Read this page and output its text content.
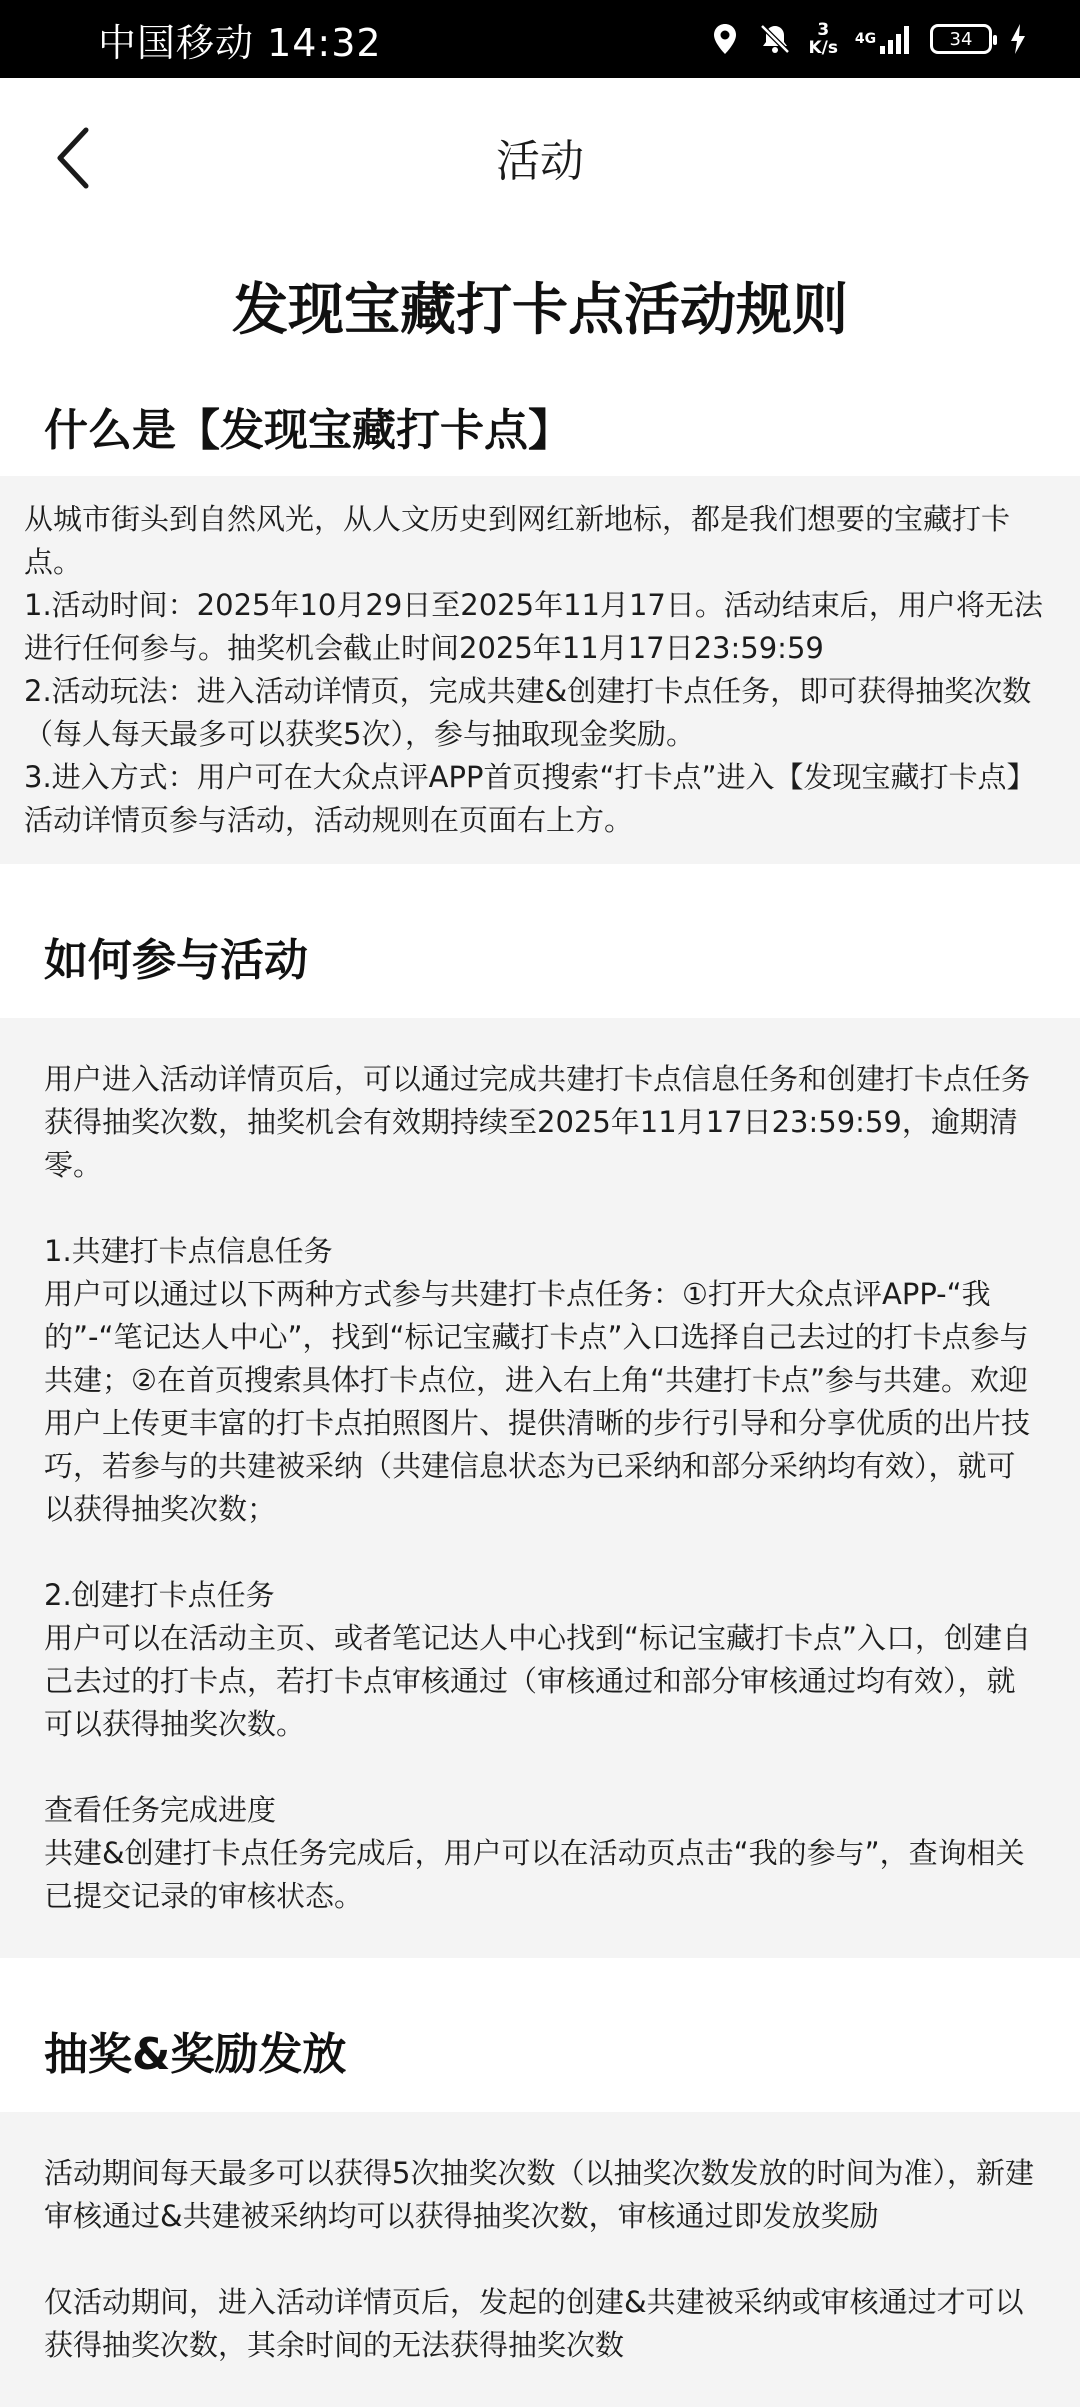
中国移动 14:32	3
K/s 4G	34
活动
发现宝藏打卡点活动规则
什么是【发现宝藏打卡点】

从城市街头到自然风光，从人文历史到网红新地标，都是我们想要的宝藏打卡点。

1.活动时间：2025年10月29日至2025年11月17日。活动结束后，用户将无法进行任何参与。抽奖机会截止时间2025年11月17日23:59:59

2.活动玩法：进入活动详情页，完成共建&创建打卡点任务，即可获得抽奖次数（每人每天最多可以获奖5次），参与抽取现金奖励。

3.进入方式：用户可在大众点评APP首页搜索“打卡点”进入【发现宝藏打卡点】活动详情页参与活动，活动规则在页面右上方。

如何参与活动

用户进入活动详情页后，可以通过完成共建打卡点信息任务和创建打卡点任务获得抽奖次数，抽奖机会有效期持续至2025年11月17日23:59:59，逾期清零。

1.共建打卡点信息任务

用户可以通过以下两种方式参与共建打卡点任务：①打开大众点评APP-“我的”-“笔记达人中心”，找到“标记宝藏打卡点”入口选择自己去过的打卡点参与共建；②在首页搜索具体打卡点位，进入右上角“共建打卡点”参与共建。欢迎用户上传更丰富的打卡点拍照图片、提供清晰的步行引导和分享优质的出片技巧，若参与的共建被采纳（共建信息状态为已采纳和部分采纳均有效），就可以获得抽奖次数；

2.创建打卡点任务

用户可以在活动主页、或者笔记达人中心找到“标记宝藏打卡点”入口，创建自己去过的打卡点，若打卡点审核通过（审核通过和部分审核通过均有效），就可以获得抽奖次数。

查看任务完成进度

共建&创建打卡点任务完成后，用户可以在活动页点击“我的参与”，查询相关已提交记录的审核状态。

抽奖&奖励发放

活动期间每天最多可以获得5次抽奖次数（以抽奖次数发放的时间为准），新建审核通过&共建被采纳均可以获得抽奖次数，审核通过即发放奖励

仅活动期间，进入活动详情页后，发起的创建&共建被采纳或审核通过才可以获得抽奖次数，其余时间的无法获得抽奖次数
